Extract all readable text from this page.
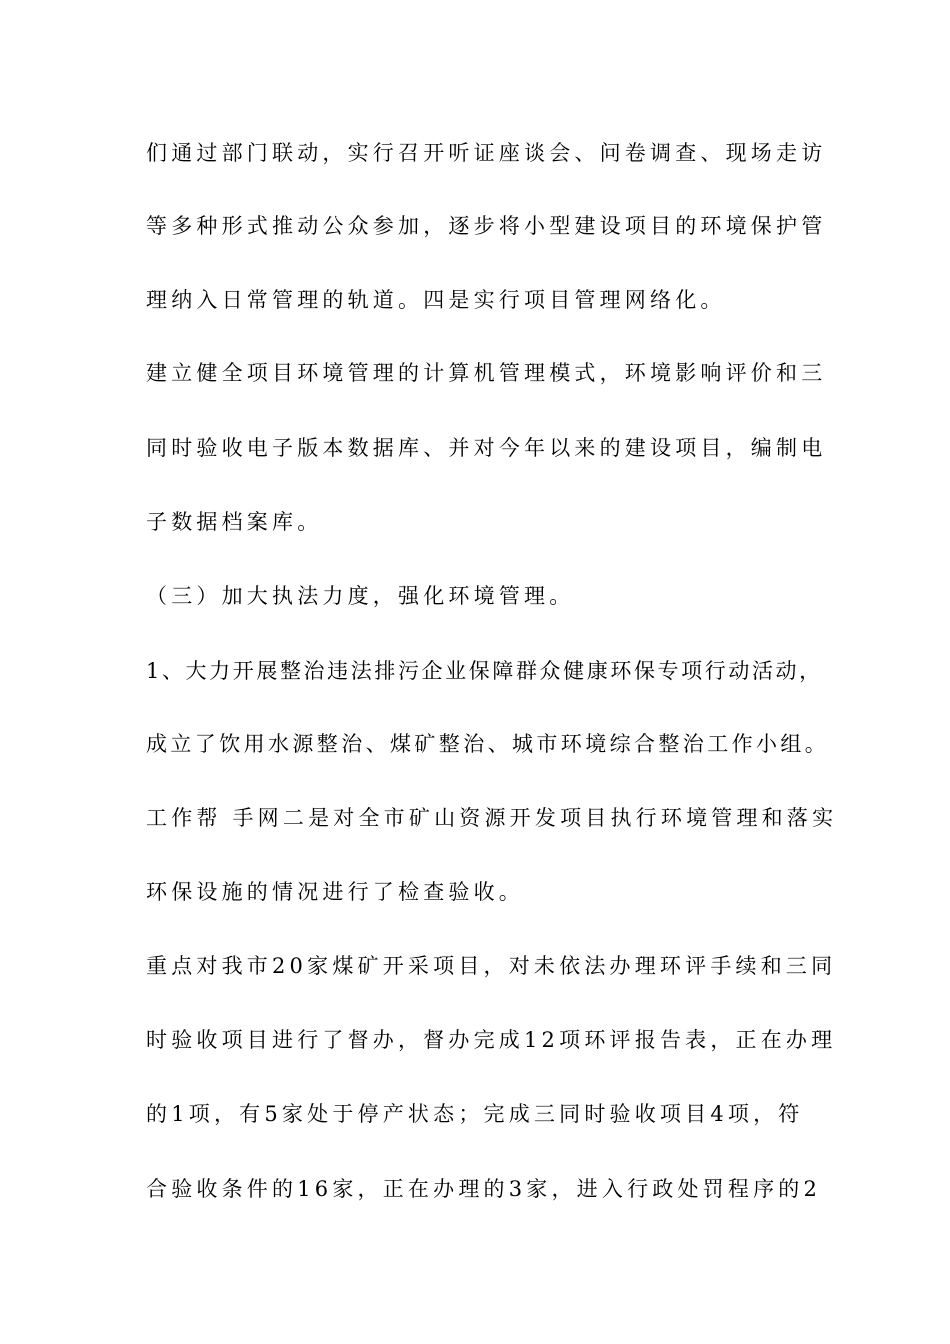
们通过部门联动，实行召开听证座谈会、问卷调查、现场走访
等多种形式推动公众参加，逐步将小型建设项目的环境保护管
理纳入日常管理的轨道。四是实行项目管理网络化。
建立健全项目环境管理的计算机管理模式，环境影响评价和三
同时验收电子版本数据库、并对今年以来的建设项目，编制电
子数据档案库。
（三）加大执法力度，强化环境管理。
1、大力开展整治违法排污企业保障群众健康环保专项行动活动，
成立了饮用水源整治、煤矿整治、城市环境综合整治工作小组。
工作帮 手网二是对全市矿山资源开发项目执行环境管理和落实
环保设施的情况进行了检查验收。
重点对我市20家煤矿开采项目，对未依法办理环评手续和三同
时验收项目进行了督办，督办完成12项环评报告表，正在办理
的1项，有5家处于停产状态；完成三同时验收项目4项，符
合验收条件的16家，正在办理的3家，进入行政处罚程序的2
